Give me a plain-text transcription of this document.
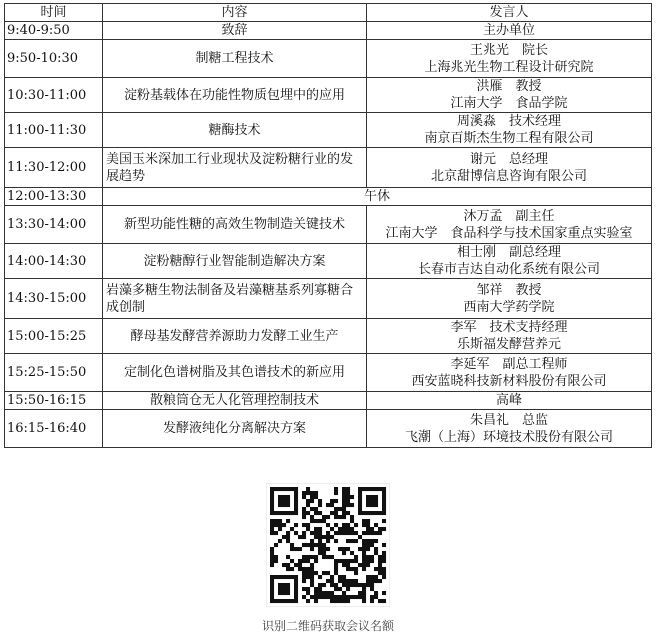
时间	内容	发言人
9:40-9:50	致辞	主办单位

9:50-10:30	制糖工程技术	王兆光　院长
上海兆光生物工程设计研究院

10:30-11:00	淀粉基载体在功能性物质包埋中的应用	洪雁　教授
江南大学　食品学院

11:00-11:30	糖酶技术	周溪淼　技术经理
南京百斯杰生物工程有限公司

11:30-12:00	美国玉米深加工行业现状及淀粉糖行业的发展趋势	谢元　总经理
北京甜博信息咨询有限公司

12:00-13:30	午休	
13:30-14:00	新型功能性糖的高效生物制造关键技术	沐万孟　副主任
江南大学　食品科学与技术国家重点实验室

14:00-14:30	淀粉糖醇行业智能制造解决方案	相士刚　副总经理
长春市吉达自动化系统有限公司

14:30-15:00	岩藻多糖生物法制备及岩藻糖基系列寡糖合成创制	邹祥　教授
西南大学药学院

15:00-15:25	酵母基发酵营养源助力发酵工业生产	李军　技术支持经理
乐斯福发酵营养元

15:25-15:50	定制化色谱树脂及其色谱技术的新应用	李延军　副总工程师
西安蓝晓科技新材料股份有限公司

15:50-16:15	散粮筒仓无人化管理控制技术	高峰

16:15-16:40	发酵液纯化分离解决方案	朱昌礼　总监
飞潮（上海）环境技术股份有限公司
识别二维码获取会议名额
